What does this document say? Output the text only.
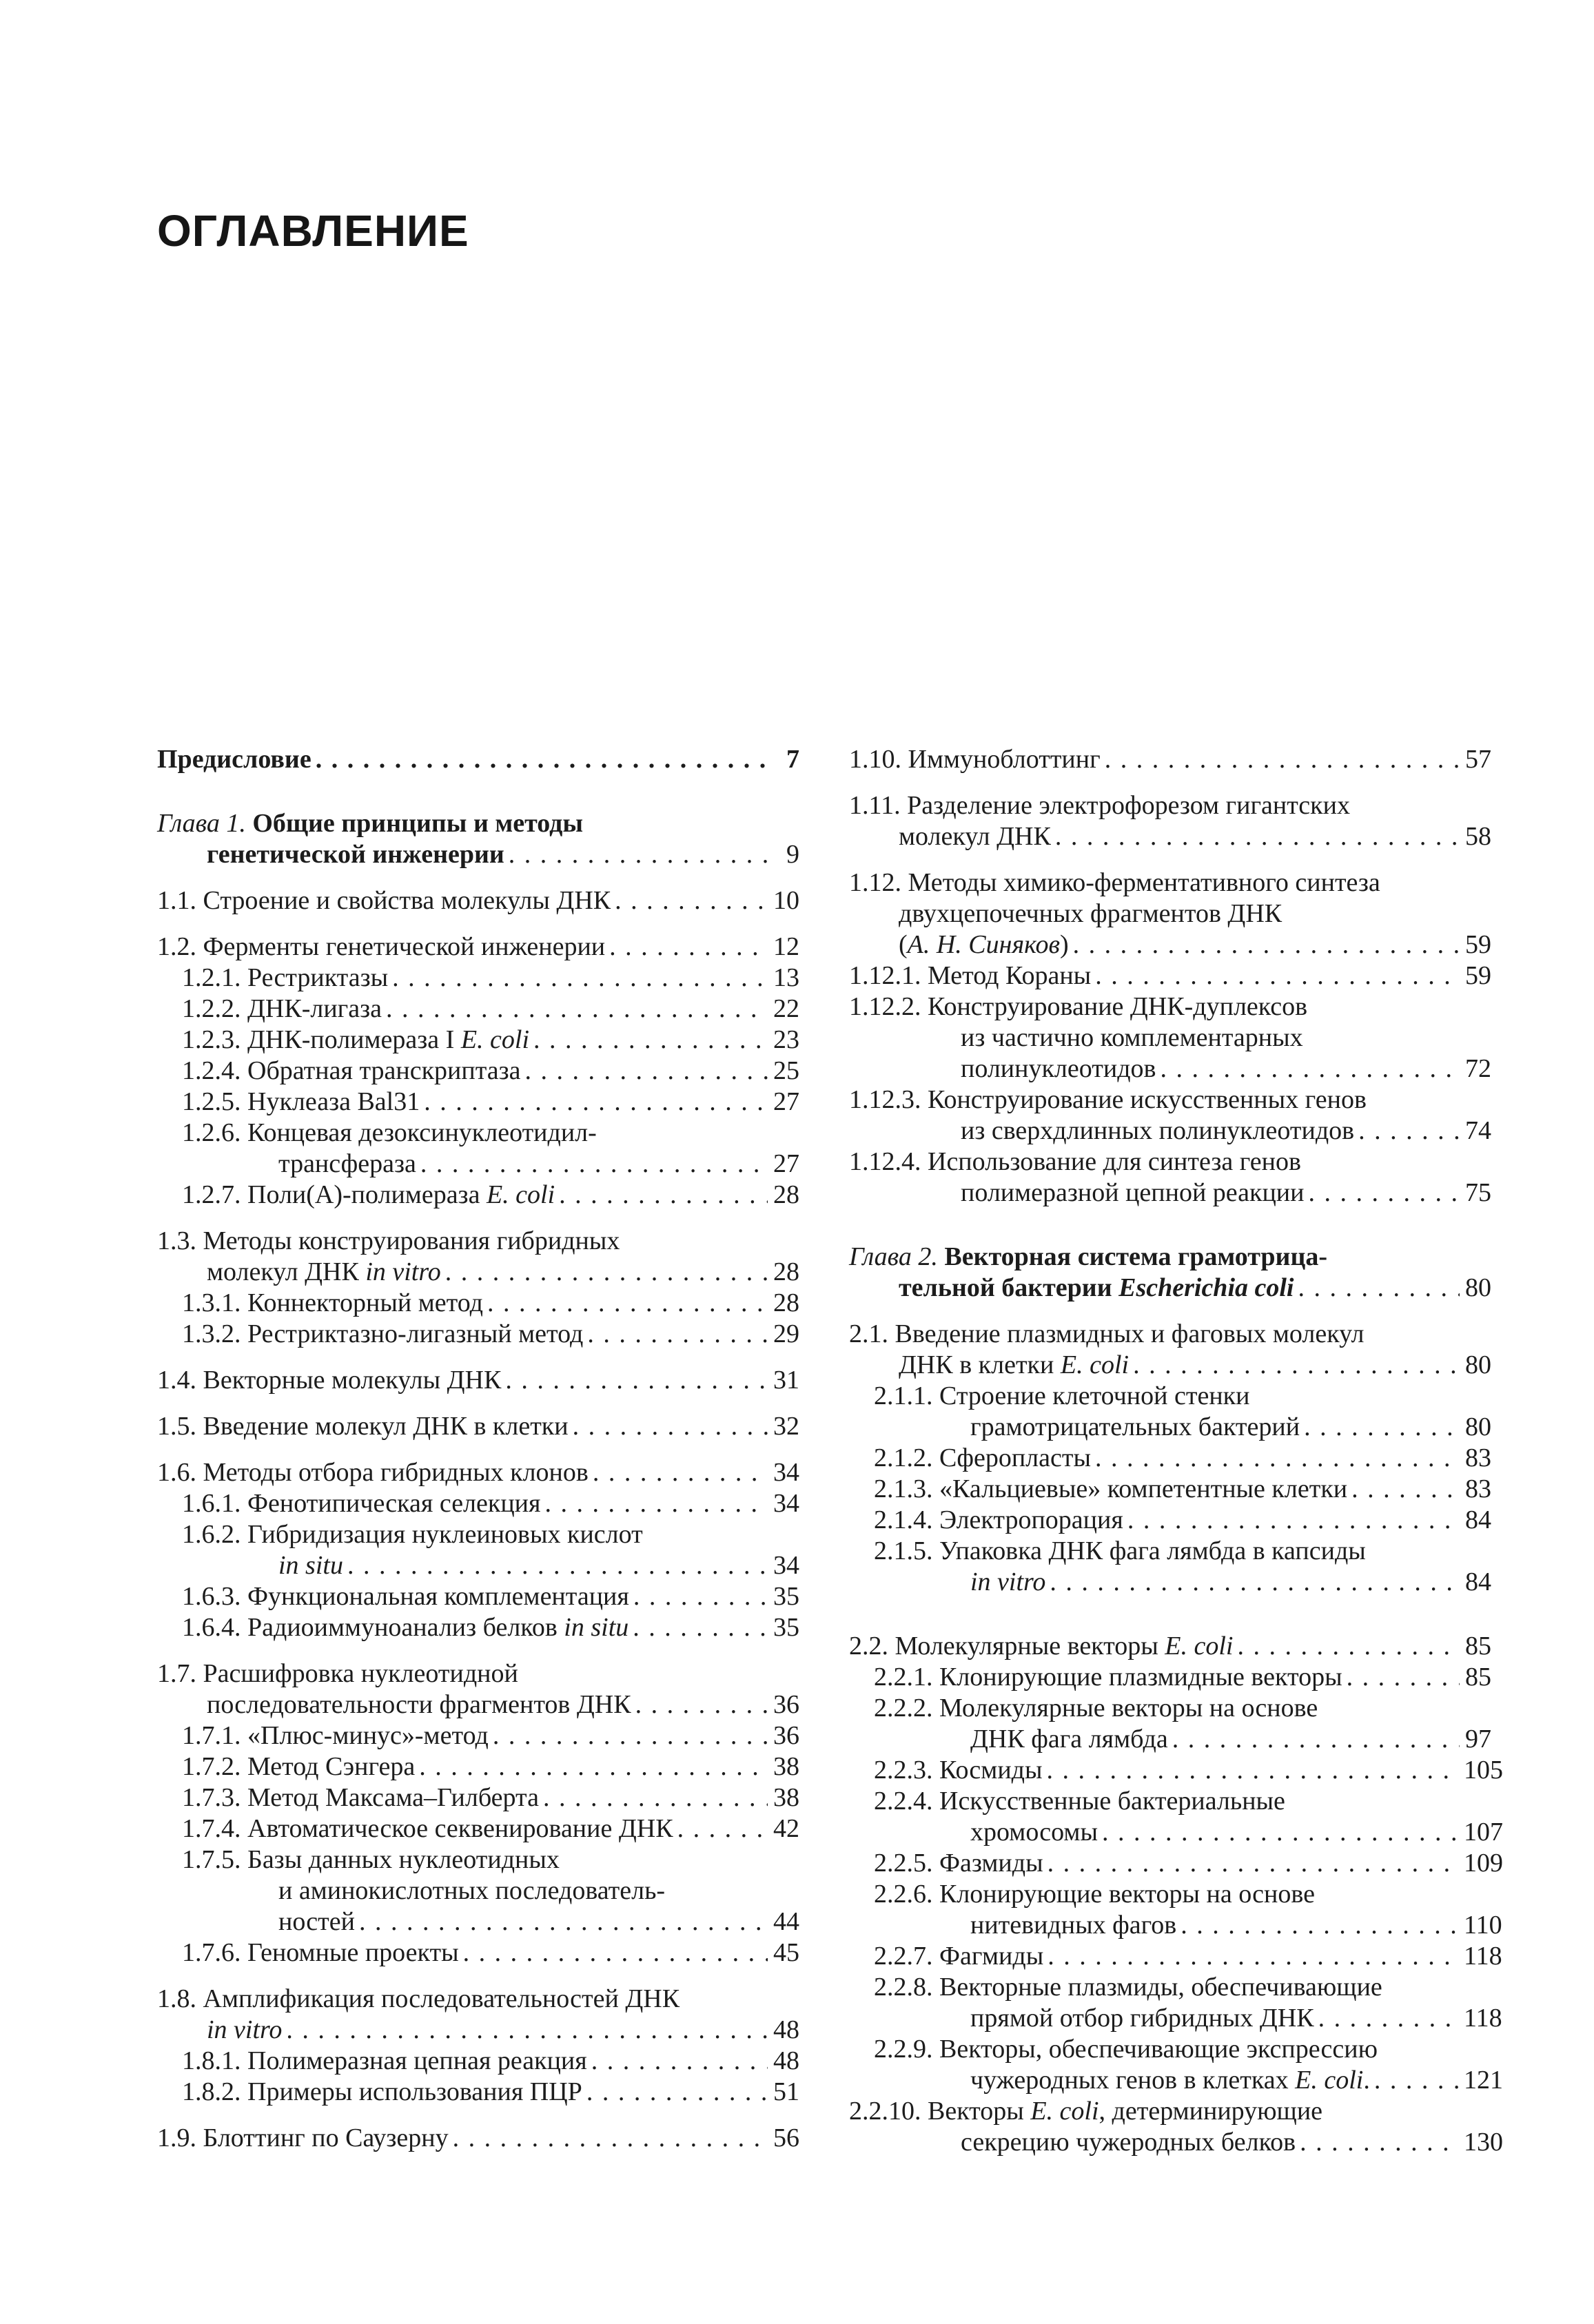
ОГЛАВЛЕНИЕ
Предисловие . . .	7
Глава 1. Общие принципы и методы
генетической инженерии . . .	9
1.1. Строение и свойства молекулы ДНК . . .	10
1.2. Ферменты генетической инженерии . . .	12
1.2.1. Рестриктазы . . .	13
1.2.2. ДНК-лигаза . . .	22
1.2.3. ДНК-полимераза I E. coli . . .	23
1.2.4. Обратная транскриптаза . . .	25
1.2.5. Нуклеаза Bal31 . . .	27
1.2.6. Концевая дезоксинуклеотидил-
трансфераза . . .	27
1.2.7. Поли(А)-полимераза E. coli . . .	28
1.3. Методы конструирования гибридных
молекул ДНК in vitro . . .	28
1.3.1. Коннекторный метод . . .	28
1.3.2. Рестриктазно-лигазный метод . . .	29
1.4. Векторные молекулы ДНК . . .	31
1.5. Введение молекул ДНК в клетки . . .	32
1.6. Методы отбора гибридных клонов . . .	34
1.6.1. Фенотипическая селекция . . .	34
1.6.2. Гибридизация нуклеиновых кислот
in situ . . .	34
1.6.3. Функциональная комплементация . . .	35
1.6.4. Радиоиммуноанализ белков in situ . . .	35
1.7. Расшифровка нуклеотидной
последовательности фрагментов ДНК . . .	36
1.7.1. «Плюс-минус»-метод . . .	36
1.7.2. Метод Сэнгера . . .	38
1.7.3. Метод Максама–Гилберта . . .	38
1.7.4. Автоматическое секвенирование ДНК . . .	42
1.7.5. Базы данных нуклеотидных
и аминокислотных последователь-
ностей . . .	44
1.7.6. Геномные проекты . . .	45
1.8. Амплификация последовательностей ДНК
in vitro . . .	48
1.8.1. Полимеразная цепная реакция . . .	48
1.8.2. Примеры использования ПЦР . . .	51
1.9. Блоттинг по Саузерну . . .	56
1.10. Иммуноблоттинг . . .	57
1.11. Разделение электрофорезом гигантских
молекул ДНК . . .	58
1.12. Методы химико-ферментативного синтеза
двухцепочечных фрагментов ДНК
(А. Н. Синяков) . . .	59
1.12.1. Метод Кораны . . .	59
1.12.2. Конструирование ДНК-дуплексов
из частично комплементарных
полинуклеотидов . . .	72
1.12.3. Конструирование искусственных генов
из сверхдлинных полинуклеотидов . . .	74
1.12.4. Использование для синтеза генов
полимеразной цепной реакции . . .	75
Глава 2. Векторная система грамотрица-
тельной бактерии Escherichia coli . . .	80
2.1. Введение плазмидных и фаговых молекул
ДНК в клетки E. coli . . .	80
2.1.1. Строение клеточной стенки
грамотрицательных бактерий . . .	80
2.1.2. Сферопласты . . .	83
2.1.3. «Кальциевые» компетентные клетки . . .	83
2.1.4. Электропорация . . .	84
2.1.5. Упаковка ДНК фага лямбда в капсиды
in vitro . . .	84
2.2. Молекулярные векторы E. coli . . .	85
2.2.1. Клонирующие плазмидные векторы . . .	85
2.2.2. Молекулярные векторы на основе
ДНК фага лямбда . . .	97
2.2.3. Космиды . . .	105
2.2.4. Искусственные бактериальные
хромосомы . . .	107
2.2.5. Фазмиды . . .	109
2.2.6. Клонирующие векторы на основе
нитевидных фагов . . .	110
2.2.7. Фагмиды . . .	118
2.2.8. Векторные плазмиды, обеспечивающие
прямой отбор гибридных ДНК . . .	118
2.2.9. Векторы, обеспечивающие экспрессию
чужеродных генов в клетках E. coli. . . .	121
2.2.10. Векторы E. coli, детерминирующие
секрецию чужеродных белков . . .	130
